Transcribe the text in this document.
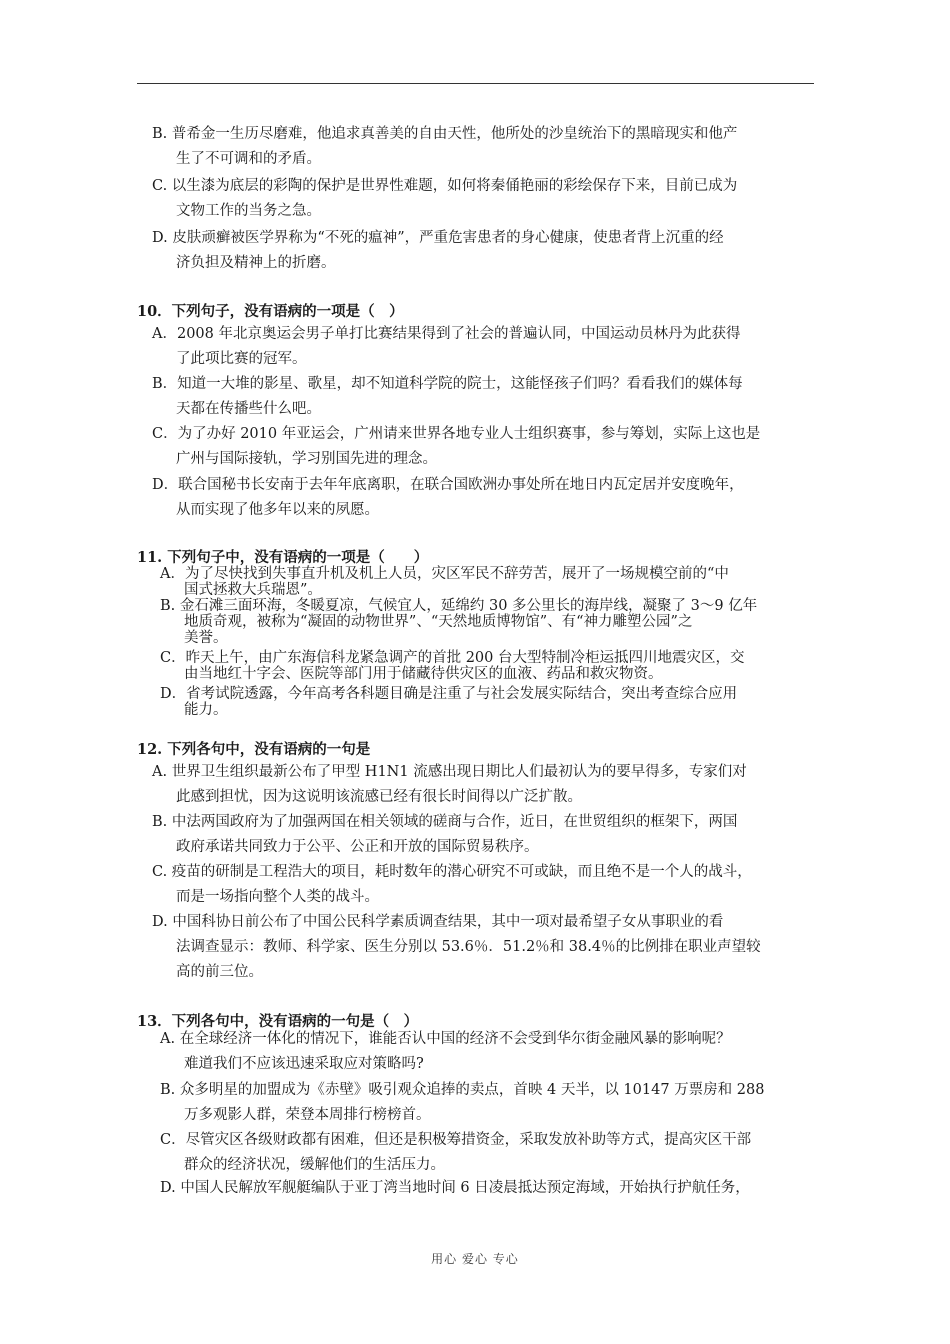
B. 普希金一生历尽磨难，他追求真善美的自由天性，他所处的沙皇统治下的黑暗现实和他产
生了不可调和的矛盾。
C. 以生漆为底层的彩陶的保护是世界性难题，如何将秦俑艳丽的彩绘保存下来，目前已成为
文物工作的当务之急。
D. 皮肤顽癣被医学界称为“不死的瘟神”，严重危害患者的身心健康，使患者背上沉重的经
济负担及精神上的折磨。
10．下列句子，没有语病的一项是（　）
A．2008 年北京奥运会男子单打比赛结果得到了社会的普遍认同，中国运动员林丹为此获得
了此项比赛的冠军。
B．知道一大堆的影星、歌星，却不知道科学院的院士，这能怪孩子们吗？看看我们的媒体每
天都在传播些什么吧。
C．为了办好 2010 年亚运会，广州请来世界各地专业人士组织赛事，参与筹划，实际上这也是
广州与国际接轨，学习别国先进的理念。
D．联合国秘书长安南于去年年底离职，在联合国欧洲办事处所在地日内瓦定居并安度晚年，
从而实现了他多年以来的夙愿。
11. 下列句子中，没有语病的一项是（　　）
A．为了尽快找到失事直升机及机上人员，灾区军民不辞劳苦，展开了一场规模空前的“中
国式拯救大兵瑞恩”。
B. 金石滩三面环海，冬暖夏凉，气候宜人，延绵约 30 多公里长的海岸线，凝聚了 3～9 亿年
地质奇观，被称为“凝固的动物世界”、“天然地质博物馆”、有“神力雕塑公园”之
美誉。
C．昨天上午，由广东海信科龙紧急调产的首批 200 台大型特制冷柜运抵四川地震灾区，交
由当地红十字会、医院等部门用于储藏待供灾区的血液、药品和救灾物资。
D．省考试院透露，今年高考各科题目确是注重了与社会发展实际结合，突出考查综合应用
能力。
12. 下列各句中，没有语病的一句是
A. 世界卫生组织最新公布了甲型 H1N1 流感出现日期比人们最初认为的要早得多，专家们对
此感到担忧，因为这说明该流感已经有很长时间得以广泛扩散。
B. 中法两国政府为了加强两国在相关领域的磋商与合作，近日，在世贸组织的框架下，两国
政府承诺共同致力于公平、公正和开放的国际贸易秩序。
C. 疫苗的研制是工程浩大的项目，耗时数年的潜心研究不可或缺，而且绝不是一个人的战斗，
而是一场指向整个人类的战斗。
D. 中国科协日前公布了中国公民科学素质调查结果，其中一项对最希望子女从事职业的看
法调查显示：教师、科学家、医生分别以 53.6％．51.2％和 38.4％的比例排在职业声望较
高的前三位。
13．下列各句中，没有语病的一句是（　）
A. 在全球经济一体化的情况下，谁能否认中国的经济不会受到华尔街金融风暴的影响呢？
难道我们不应该迅速采取应对策略吗?
B. 众多明星的加盟成为《赤壁》吸引观众追捧的卖点，首映 4 天半，以 10147 万票房和 288
万多观影人群，荣登本周排行榜榜首。
C．尽管灾区各级财政都有困难，但还是积极筹措资金，采取发放补助等方式，提高灾区干部
群众的经济状况，缓解他们的生活压力。
D. 中国人民解放军舰艇编队于亚丁湾当地时间 6 日凌晨抵达预定海域，开始执行护航任务，
用心 爱心 专心
